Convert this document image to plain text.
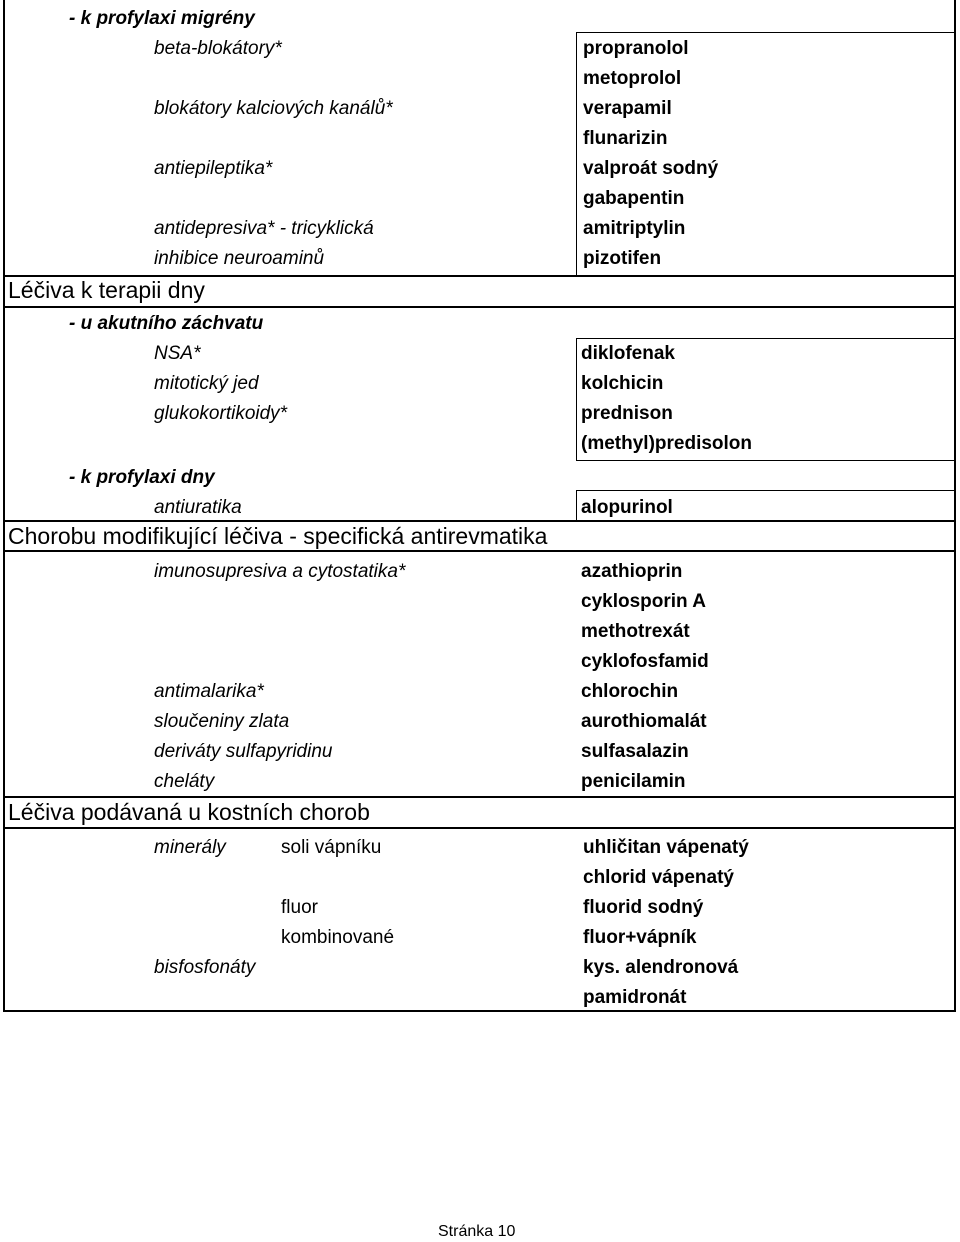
- k profylaxi migrény
beta-blokátory*	propranolol
metoprolol
blokátory kalciových kanálů*	verapamil
flunarizin
antiepileptika*	valproát sodný
gabapentin
antidepresiva* - tricyklická	amitriptylin
inhibice neuroaminů	pizotifen
Léčiva k terapii dny
- u akutního záchvatu
NSA*	diklofenak
mitotický jed	kolchicin
glukokortikoidy*	prednison
(methyl)predisolon
- k profylaxi dny
antiuratika	alopurinol
Chorobu modifikující léčiva - specifická antirevmatika
imunosupresiva a cytostatika*	azathioprin
cyklosporin A
methotrexát
cyklofosfamid
antimalarika*	chlorochin
sloučeniny zlata	aurothiomalát
deriváty sulfapyridinu	sulfasalazin
cheláty	penicilamin
Léčiva podávaná u kostních chorob
minerály	soli vápníku	uhličitan vápenatý
chlorid vápenatý
fluor	fluorid sodný
kombinované	fluor+vápník
bisfosfonáty	kys. alendronová
pamidronát
Stránka 10
